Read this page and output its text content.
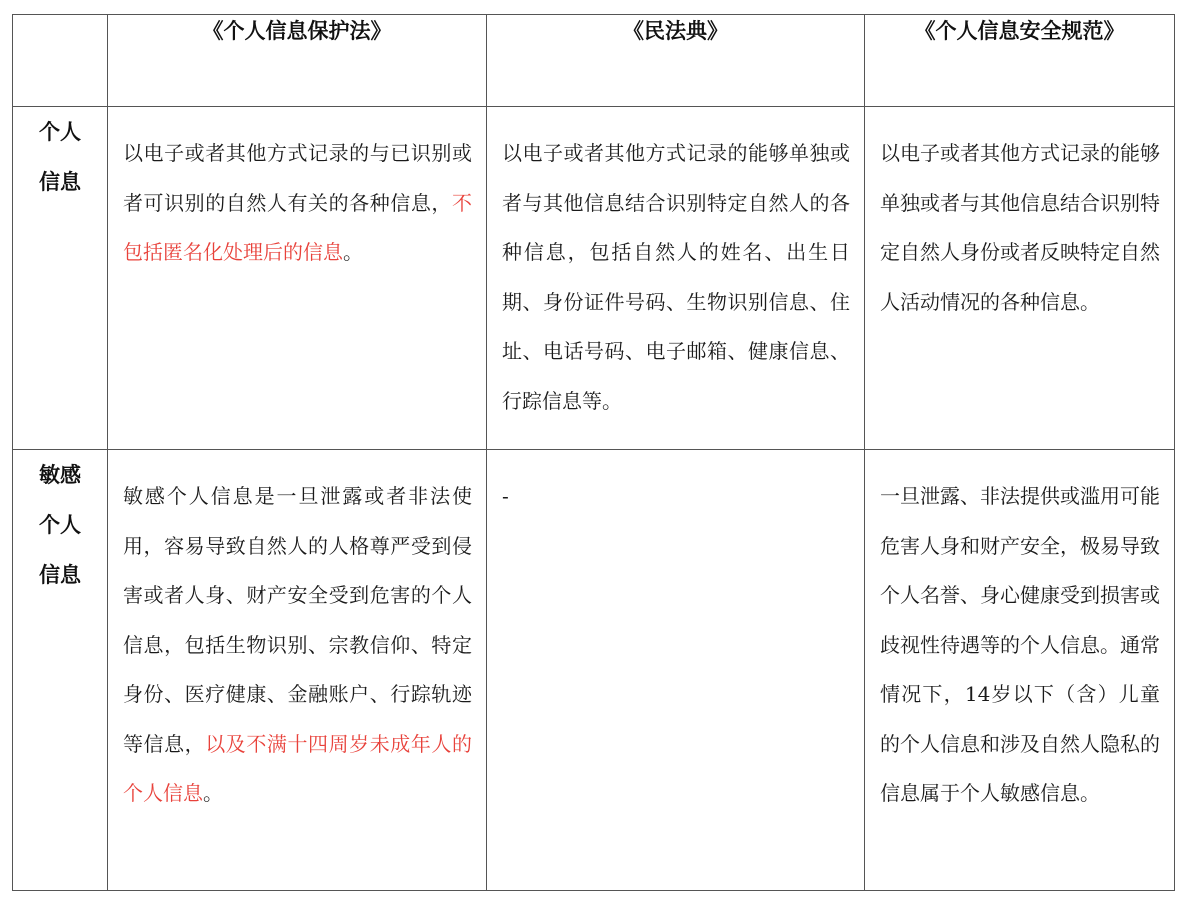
	《个人信息保护法》	《民法典》	《个人信息安全规范》

个人
信息	以电子或者其他方式记录的与已识别或者可识别的自然人有关的各种信息，不包括匿名化处理后的信息。	以电子或者其他方式记录的能够单独或者与其他信息结合识别特定自然人的各种信息，包括自然人的姓名、出生日期、身份证件号码、生物识别信息、住址、电话号码、电子邮箱、健康信息、行踪信息等。	以电子或者其他方式记录的能够单独或者与其他信息结合识别特定自然人身份或者反映特定自然人活动情况的各种信息。

敏感
个人
信息	敏感个人信息是一旦泄露或者非法使用，容易导致自然人的人格尊严受到侵害或者人身、财产安全受到危害的个人信息，包括生物识别、宗教信仰、特定身份、医疗健康、金融账户、行踪轨迹等信息，以及不满十四周岁未成年人的个人信息。	-	一旦泄露、非法提供或滥用可能危害人身和财产安全，极易导致个人名誉、身心健康受到损害或歧视性待遇等的个人信息。通常情况下，14岁以下（含）儿童的个人信息和涉及自然人隐私的信息属于个人敏感信息。
